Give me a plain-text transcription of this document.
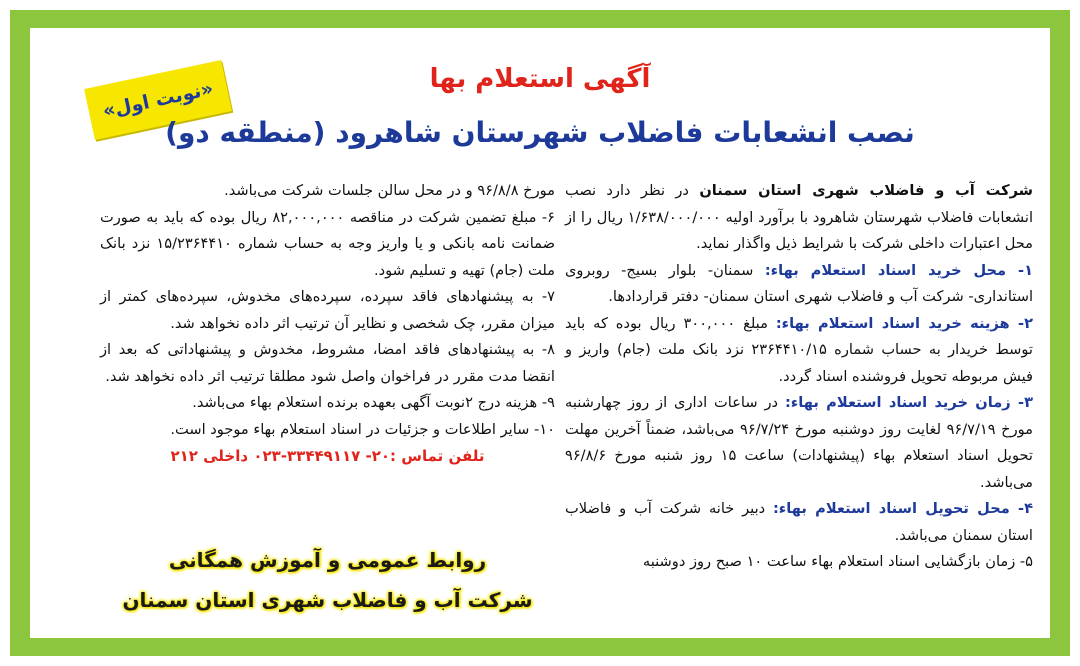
«نوبت اول»	آگهی استعلام بها
نصب انشعابات فاضلاب شهرستان شاهرود (منطقه دو)

شرکت آب و فاضلاب شهری استان سمنان در نظر دارد نصب انشعابات فاضلاب شهرستان شاهرود با برآورد اولیه ۱/۶۳۸/۰۰۰/۰۰۰ ریال را از محل اعتبارات داخلی شرکت با شرایط ذیل واگذار نماید.

۱- محل خرید اسناد استعلام بهاء: سمنان- بلوار بسیج- روبروی استانداری- شرکت آب و فاضلاب شهری استان سمنان- دفتر قراردادها.

۲- هزینه خرید اسناد استعلام بهاء: مبلغ ۳۰۰,۰۰۰ ریال بوده که باید توسط خریدار به حساب شماره ۲۳۶۴۴۱۰/۱۵ نزد بانک ملت (جام) واریز و فیش مربوطه تحویل فروشنده اسناد گردد.

۳- زمان خرید اسناد استعلام بهاء: در ساعات اداری از روز چهارشنبه مورخ ۹۶/۷/۱۹ لغایت روز دوشنبه مورخ ۹۶/۷/۲۴ می‌باشد، ضمناً آخرین مهلت تحویل اسناد استعلام بهاء (پیشنهادات) ساعت ۱۵ روز شنبه مورخ ۹۶/۸/۶ می‌باشد.

۴- محل تحویل اسناد استعلام بهاء: دبیر خانه شرکت آب و فاضلاب استان سمنان می‌باشد.

۵- زمان بازگشایی اسناد استعلام بهاء ساعت ۱۰ صبح روز دوشنبه

مورخ ۹۶/۸/۸ و در محل سالن جلسات شرکت می‌باشد.

۶- مبلغ تضمین شرکت در مناقصه ۸۲,۰۰۰,۰۰۰ ریال بوده که باید به صورت ضمانت نامه بانکی و یا واریز وجه به حساب شماره ۱۵/۲۳۶۴۴۱۰ نزد بانک ملت (جام) تهیه و تسلیم شود.

۷- به پیشنهادهای فاقد سپرده، سپرده‌های مخدوش، سپرده‌های کمتر از میزان مقرر، چک شخصی و نظایر آن ترتیب اثر داده نخواهد شد.

۸- به پیشنهادهای فاقد امضا، مشروط، مخدوش و پیشنهاداتی که بعد از انقضا مدت مقرر در فراخوان واصل شود مطلقا ترتیب اثر داده نخواهد شد.

۹- هزینه درج ۲نوبت آگهی بعهده برنده استعلام بهاء می‌باشد.

۱۰- سایر اطلاعات و جزئیات در اسناد استعلام بهاء موجود است.

تلفن تماس :۲۰- ۳۳۴۴۹۱۱۷-۰۲۳ داخلی ۲۱۲

روابط عمومی و آموزش همگانی
شرکت آب و فاضلاب شهری استان سمنان
